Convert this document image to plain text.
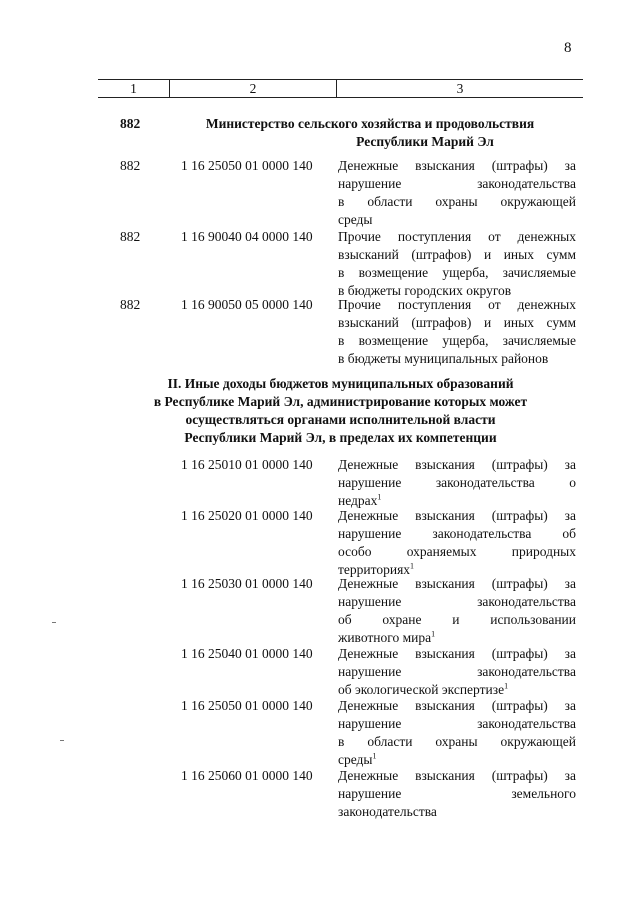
8
1	2	3
882	Министерство сельского хозяйства и продовольствия
Республики Марий Эл
882	1 16 25050 01 0000 140 Денежные взыскания (штрафы) за
нарушение законодательства
в области охраны окружающей
среды
882	1 16 90040 04 0000 140 Прочие поступления от денежных
взысканий (штрафов) и иных сумм
в возмещение ущерба, зачисляемые
в бюджеты городских округов
882	1 16 90050 05 0000 140 Прочие поступления от денежных
взысканий (штрафов) и иных сумм
в возмещение ущерба, зачисляемые
в бюджеты муниципальных районов
II. Иные доходы бюджетов муниципальных образований
в Республике Марий Эл, администрирование которых может
осуществляться органами исполнительной власти
Республики Марий Эл, в пределах их компетенции
1 16 25010 01 0000 140 Денежные взыскания (штрафы) за
нарушение законодательства о
недрах$^1$
1 16 25020 01 0000 140 Денежные взыскания (штрафы) за
нарушение законодательства об
особо охраняемых природных
территориях$^1$
1 16 25030 01 0000 140 Денежные взыскания (штрафы) за
нарушение законодательства
об охране и использовании
животного мира$^1$
1 16 25040 01 0000 140 Денежные взыскания (штрафы) за
нарушение законодательства
об экологической экспертизе$^1$
1 16 25050 01 0000 140 Денежные взыскания (штрафы) за
нарушение законодательства
в области охраны окружающей
среды$^1$
1 16 25060 01 0000 140 Денежные взыскания (штрафы) за
нарушение земельного
законодательства
